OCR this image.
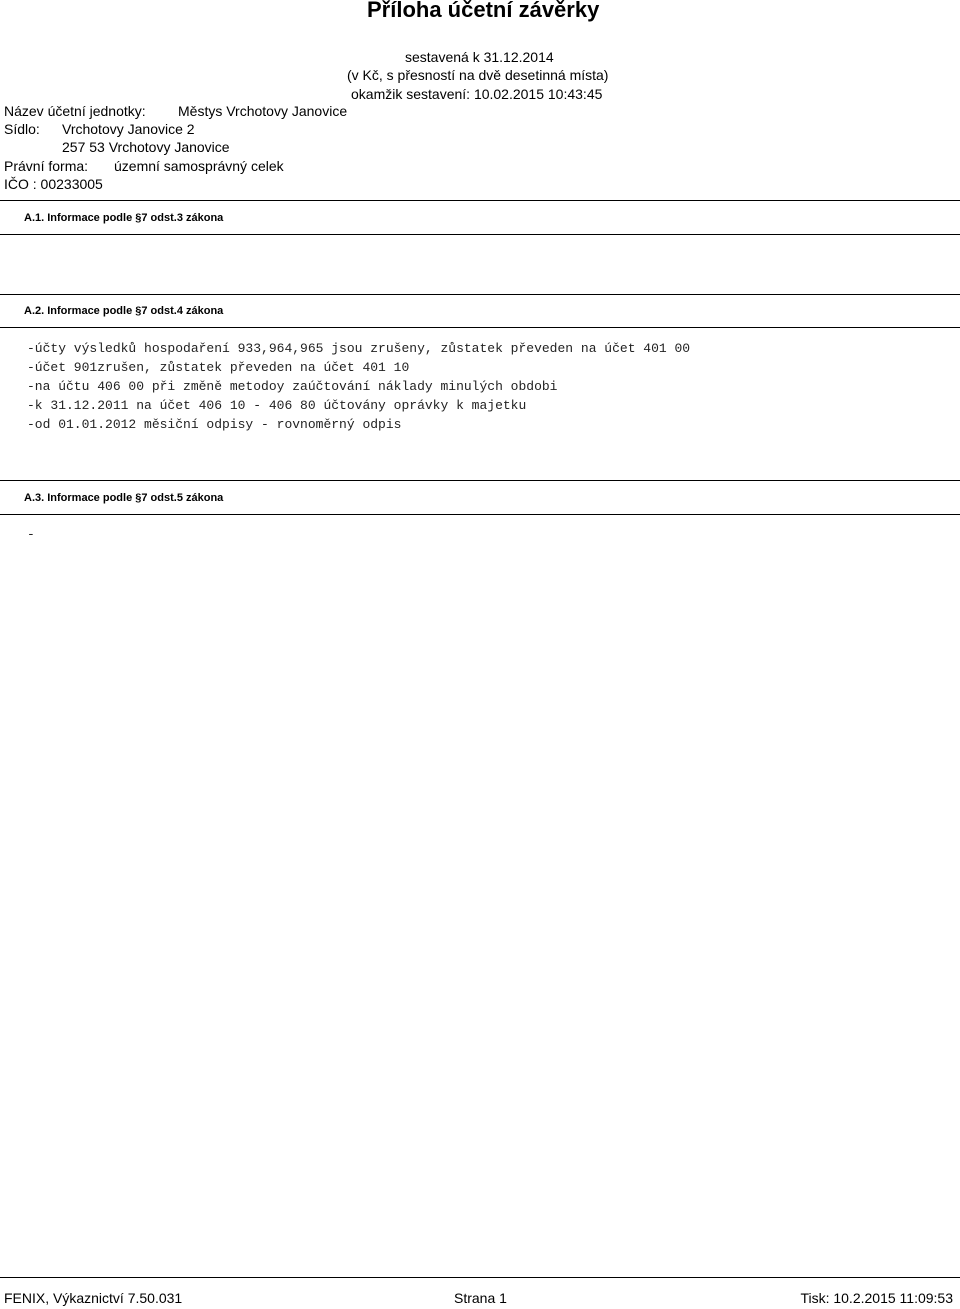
Příloha účetní závěrky
sestavená k 31.12.2014
(v Kč, s přesností na dvě desetinná místa)
okamžik sestavení: 10.02.2015 10:43:45
Název účetní jednotky: Městys Vrchotovy Janovice
Sídlo: Vrchotovy Janovice 2
257 53 Vrchotovy Janovice
Právní forma: územní samosprávný celek
IČO : 00233005
A.1. Informace podle §7 odst.3 zákona
A.2. Informace podle §7 odst.4 zákona
-účty výsledků hospodaření 933,964,965 jsou zrušeny, zůstatek převeden na účet 401 00
-účet 901zrušen, zůstatek převeden na účet 401 10
-na účtu 406 00 při změně metodoy zaúčtování náklady minulých obdobi
-k 31.12.2011 na účet 406 10 - 406 80 účtovány oprávky k majetku
-od 01.01.2012 měsiční odpisy - rovnoměrný odpis
A.3. Informace podle §7 odst.5 zákona
-
FENIX, Výkaznictví 7.50.031	Strana 1	Tisk: 10.2.2015 11:09:53
